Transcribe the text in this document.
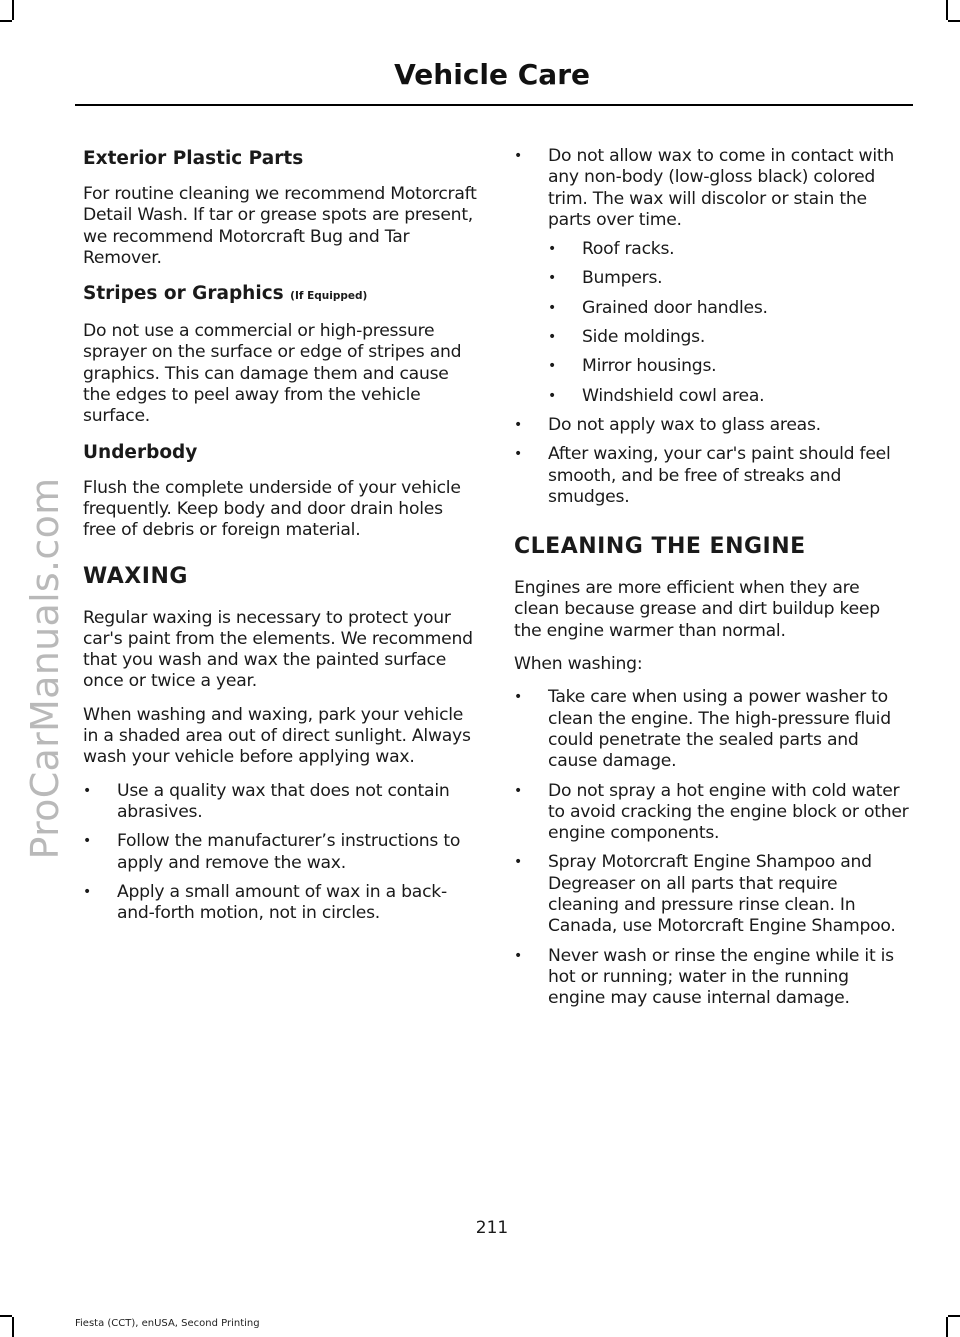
ProCarManuals.com
Vehicle Care
Exterior Plastic Parts

For routine cleaning we recommend Motorcraft Detail Wash. If tar or grease spots are present, we recommend Motorcraft Bug and Tar Remover.

Stripes or Graphics (If Equipped)

Do not use a commercial or high-pressure sprayer on the surface or edge of stripes and graphics. This can damage them and cause the edges to peel away from the vehicle surface.

Underbody

Flush the complete underside of your vehicle frequently. Keep body and door drain holes free of debris or foreign material.

WAXING

Regular waxing is necessary to protect your car's paint from the elements. We recommend that you wash and wax the painted surface once or twice a year.

When washing and waxing, park your vehicle in a shaded area out of direct sunlight. Always wash your vehicle before applying wax.

• Use a quality wax that does not contain abrasives.
• Follow the manufacturer’s instructions to apply and remove the wax.
• Apply a small amount of wax in a back-and-forth motion, not in circles.
• Do not allow wax to come in contact with any non-body (low-gloss black) colored trim. The wax will discolor or stain the parts over time.
• Roof racks.
• Bumpers.
• Grained door handles.
• Side moldings.
• Mirror housings.
• Windshield cowl area.
• Do not apply wax to glass areas.
• After waxing, your car's paint should feel smooth, and be free of streaks and smudges.
CLEANING THE ENGINE

Engines are more efficient when they are clean because grease and dirt buildup keep the engine warmer than normal.

When washing:

• Take care when using a power washer to clean the engine. The high-pressure fluid could penetrate the sealed parts and cause damage.
• Do not spray a hot engine with cold water to avoid cracking the engine block or other engine components.
• Spray Motorcraft Engine Shampoo and Degreaser on all parts that require cleaning and pressure rinse clean. In Canada, use Motorcraft Engine Shampoo.
• Never wash or rinse the engine while it is hot or running; water in the running engine may cause internal damage.
211
Fiesta (CCT), enUSA, Second Printing
